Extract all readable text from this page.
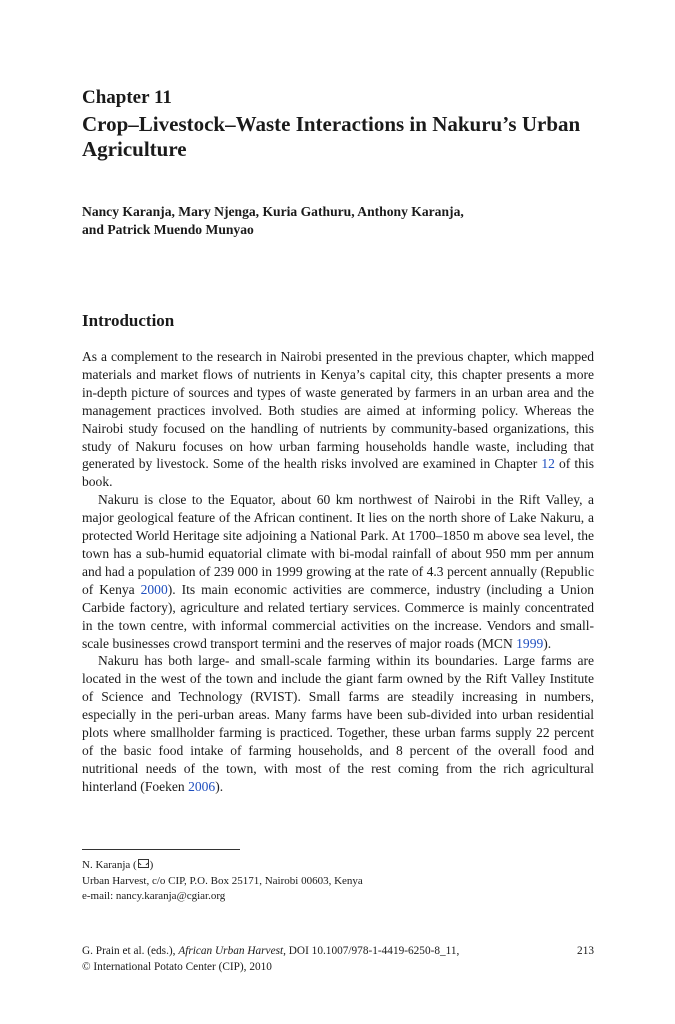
Chapter 11
Crop–Livestock–Waste Interactions in Nakuru’s Urban Agriculture
Nancy Karanja, Mary Njenga, Kuria Gathuru, Anthony Karanja,
and Patrick Muendo Munyao
Introduction

As a complement to the research in Nairobi presented in the previous chapter, which mapped materials and market flows of nutrients in Kenya’s capital city, this chapter presents a more in-depth picture of sources and types of waste generated by farmers in an urban area and the management practices involved. Both studies are aimed at informing policy. Whereas the Nairobi study focused on the handling of nutrients by community-based organizations, this study of Nakuru focuses on how urban farming households handle waste, including that generated by livestock. Some of the health risks involved are examined in Chapter 12 of this book.

Nakuru is close to the Equator, about 60 km northwest of Nairobi in the Rift Valley, a major geological feature of the African continent. It lies on the north shore of Lake Nakuru, a protected World Heritage site adjoining a National Park. At 1700–1850 m above sea level, the town has a sub-humid equatorial climate with bi-modal rainfall of about 950 mm per annum and had a population of 239 000 in 1999 growing at the rate of 4.3 percent annually (Republic of Kenya 2000). Its main economic activities are commerce, industry (including a Union Carbide factory), agriculture and related tertiary services. Commerce is mainly concentrated in the town centre, with informal commercial activities on the increase. Vendors and small-scale businesses crowd transport termini and the reserves of major roads (MCN 1999).

Nakuru has both large- and small-scale farming within its boundaries. Large farms are located in the west of the town and include the giant farm owned by the Rift Valley Institute of Science and Technology (RVIST). Small farms are steadily increasing in numbers, especially in the peri-urban areas. Many farms have been sub-divided into urban residential plots where smallholder farming is practiced. Together, these urban farms supply 22 percent of the basic food intake of farming households, and 8 percent of the overall food and nutritional needs of the town, with most of the rest coming from the rich agricultural hinterland (Foeken 2006).

N. Karanja ( )
Urban Harvest, c/o CIP, P.O. Box 25171, Nairobi 00603, Kenya
e-mail: nancy.karanja@cgiar.org
G. Prain et al. (eds.), African Urban Harvest, DOI 10.1007/978-1-4419-6250-8_11,	213
© International Potato Center (CIP), 2010
